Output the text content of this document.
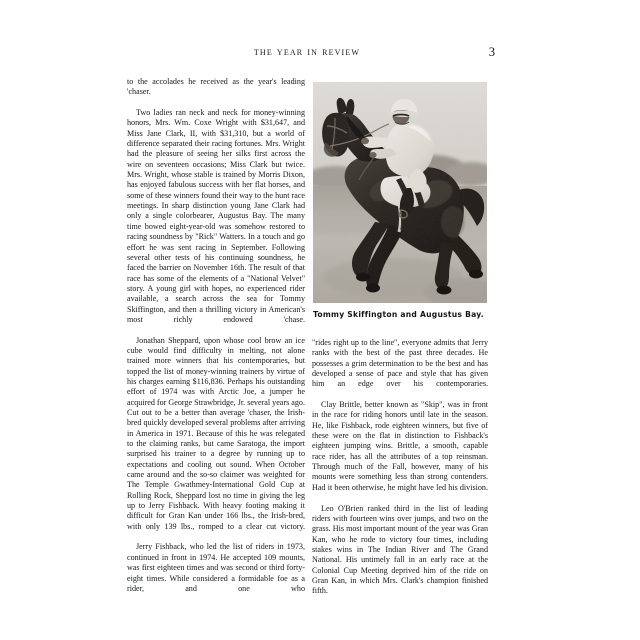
the year in review	3
Tommy Skiffington and Augustus Bay.

to the accolades he received as the year's leading 'chaser.

Two ladies ran neck and neck for money-winning honors, Mrs. Wm. Coxe Wright with $31,647, and Miss Jane Clark, II, with $31,310, but a world of difference separated their racing fortunes. Mrs. Wright had the pleasure of seeing her silks first across the wire on seventeen occasions; Miss Clark but twice. Mrs. Wright, whose stable is trained by Morris Dixon, has enjoyed fabulous success with her flat horses, and some of these winners found their way to the hunt race meetings. In sharp distinction young Jane Clark had only a single colorbearer, Augustus Bay. The many time bowed eight-year-old was somehow restored to racing soundness by "Rick" Watters. In a touch and go effort he was sent racing in September. Following several other tests of his continuing soundness, he faced the barrier on November 16th. The result of that race has some of the elements of a "National Velvet" story. A young girl with hopes, no experienced rider available, a search across the sea for Tommy Skiffington, and then a thrilling victory in American's most richly endowed 'chase.

Jonathan Sheppard, upon whose cool brow an ice cube would find difficulty in melting, not alone trained more winners that his contemporaries, but topped the list of money-winning trainers by virtue of his charges earning $116,836. Perhaps his outstanding effort of 1974 was with Arctic Joe, a jumper he acquired for George Strawbridge, Jr. several years ago. Cut out to be a better than average 'chaser, the Irish-bred quickly developed several problems after arriving in America in 1971. Because of this he was relegated to the claiming ranks, but came Saratoga, the import surprised his trainer to a degree by running up to expectations and cooling out sound. When October came around and the so-so claimer was weighted for The Temple Gwathmey-International Gold Cup at Rolling Rock, Sheppard lost no time in giving the leg up to Jerry Fishback. With heavy footing making it difficult for Gran Kan under 166 lbs., the Irish-bred, with only 139 lbs., romped to a clear cut victory.

Jerry Fishback, who led the list of riders in 1973, continued in front in 1974. He accepted 109 mounts, was first eighteen times and was second or third forty-eight times. While considered a formidable foe as a rider, and one who

"rides right up to the line", everyone admits that Jerry ranks with the best of the past three decades. He possesses a grim determination to be the best and has developed a sense of pace and style that has given him an edge over his contemporaries.

Clay Brittle, better known as "Skip", was in front in the race for riding honors until late in the season. He, like Fishback, rode eighteen winners, but five of these were on the flat in distinction to Fishback's eighteen jumping wins. Brittle, a smooth, capable race rider, has all the attributes of a top reinsman. Through much of the Fall, however, many of his mounts were something less than strong contenders. Had it been otherwise, he might have led his division.

Leo O'Brien ranked third in the list of leading riders with fourteen wins over jumps, and two on the grass. His most important mount of the year was Gran Kan, who he rode to victory four times, including stakes wins in The Indian River and The Grand National. His untimely fall in an early race at the Colonial Cup Meeting deprived him of the ride on Gran Kan, in which Mrs. Clark's champion finished fifth.
